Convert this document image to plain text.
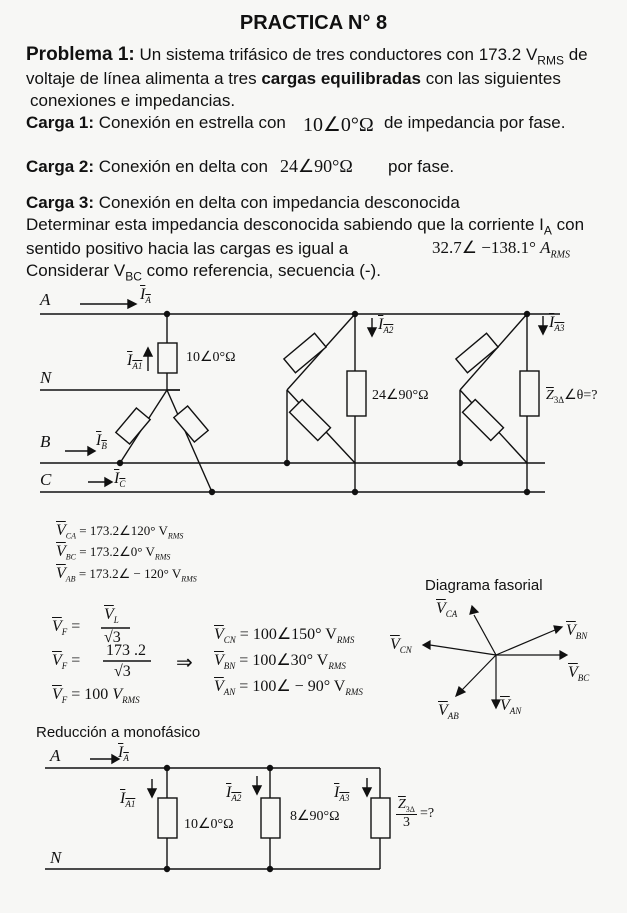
PRACTICA N° 8
Problema 1: Un sistema trifásico de tres conductores con 173.2 $V_{RMS}$ de
voltaje de línea alimenta a tres cargas equilibradas con las siguientes
conexiones e impedancias.
Carga 1: Conexión en estrella con 10∠0°Ω de impedancia por fase.
Carga 2: Conexión en delta con 24∠90°Ω por fase.
Carga 3: Conexión en delta con impedancia desconocida
Determinar esta impedancia desconocida sabiendo que la corriente $I_A$ con
sentido positivo hacia las cargas es igual a	32.7∠ −138.1° $A_{RMS}$
Considerar $V_{BC}$ como referencia, secuencia (-).
A
N
B
C
$I_A$
$I_B$
$I_C$
$I_{A1}$
$I_{A2}$	$I_{A3}$
10∠0°Ω
24∠90°Ω	$\overline{Z}_{3\Delta}\angle\theta=$?
$\overline{V}_{CA}$ = 173.2∠120° $V_{RMS}$
$\overline{V}_{BC}$ = 173.2∠0° $V_{RMS}$
$\overline{V}_{AB}$ = 173.2∠ − 120° $V_{RMS}$
$\overline{V}_F$ =
$\overline{V}_L$
√3
$\overline{V}_F$ =
173 .2
√3 ⇒
$\overline{V}_F = 100$ $V_{RMS}$
$\overline{V}_{CN}$ = 100∠150° $V_{RMS}$
$\overline{V}_{BN}$ = 100∠30° $V_{RMS}$
$\overline{V}_{AN}$ = 100∠ − 90° $V_{RMS}$
Diagrama fasorial
$\overline{V}_{CA}$
$\overline{V}_{BN}$
$\overline{V}_{CN}$
$\overline{V}_{BC}$
$\overline{V}_{AB}$
$\overline{V}_{AN}$
Reducción a monofásico
A
N
$I_A$
$I_{A1}$
$I_{A2}$	$I_{A3}$
10∠0°Ω
8∠90°Ω
$\overline{Z}_{3\Delta}$
3
=?
